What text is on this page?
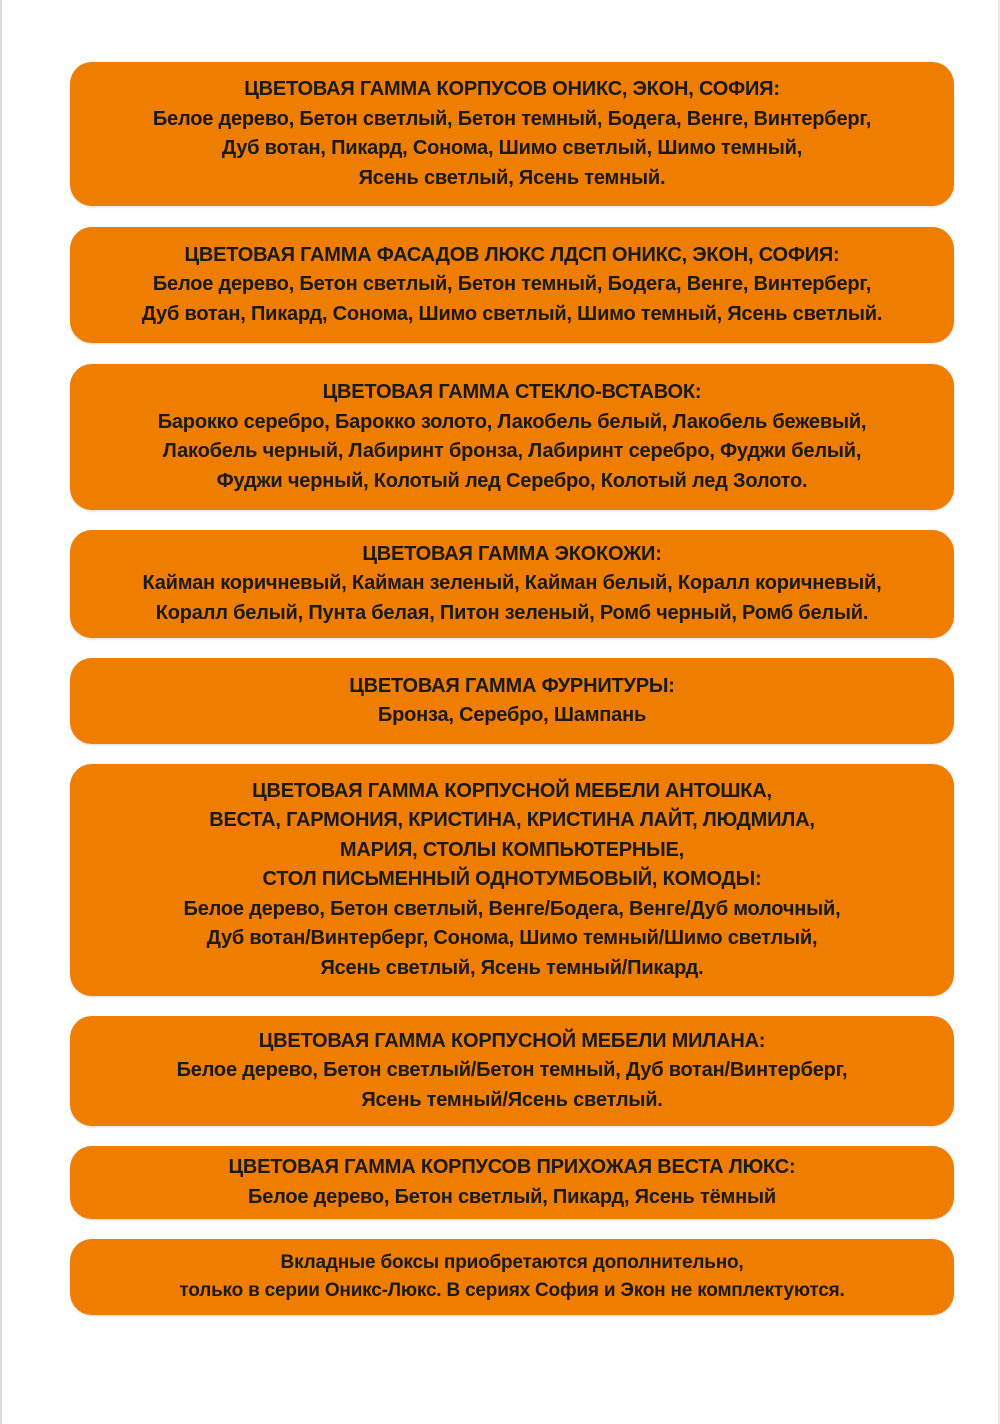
ЦВЕТОВАЯ ГАММА КОРПУСОВ ОНИКС, ЭКОН, СОФИЯ:
Белое дерево, Бетон светлый, Бетон темный, Бодега, Венге, Винтерберг,
Дуб вотан, Пикард, Сонома, Шимо светлый, Шимо темный,
Ясень светлый, Ясень темный.
ЦВЕТОВАЯ ГАММА ФАСАДОВ ЛЮКС ЛДСП ОНИКС, ЭКОН, СОФИЯ:
Белое дерево, Бетон светлый, Бетон темный, Бодега, Венге, Винтерберг,
Дуб вотан, Пикард, Сонома, Шимо светлый, Шимо темный, Ясень светлый.
ЦВЕТОВАЯ ГАММА СТЕКЛО-ВСТАВОК:
Барокко серебро, Барокко золото, Лакобель белый, Лакобель бежевый,
Лакобель черный, Лабиринт бронза, Лабиринт серебро, Фуджи белый,
Фуджи черный, Колотый лед Серебро, Колотый лед Золото.
ЦВЕТОВАЯ ГАММА ЭКОКОЖИ:
Кайман коричневый, Кайман зеленый, Кайман белый, Коралл коричневый,
Коралл белый, Пунта белая, Питон зеленый, Ромб черный, Ромб белый.
ЦВЕТОВАЯ ГАММА ФУРНИТУРЫ:
Бронза, Серебро, Шампань
ЦВЕТОВАЯ ГАММА КОРПУСНОЙ МЕБЕЛИ АНТОШКА,
ВЕСТА, ГАРМОНИЯ, КРИСТИНА, КРИСТИНА ЛАЙТ, ЛЮДМИЛА,
МАРИЯ, СТОЛЫ КОМПЬЮТЕРНЫЕ,
СТОЛ ПИСЬМЕННЫЙ ОДНОТУМБОВЫЙ, КОМОДЫ:
Белое дерево, Бетон светлый, Венге/Бодега, Венге/Дуб молочный,
Дуб вотан/Винтерберг, Сонома, Шимо темный/Шимо светлый,
Ясень светлый, Ясень темный/Пикард.
ЦВЕТОВАЯ ГАММА КОРПУСНОЙ МЕБЕЛИ МИЛАНА:
Белое дерево, Бетон светлый/Бетон темный, Дуб вотан/Винтерберг,
Ясень темный/Ясень светлый.
ЦВЕТОВАЯ ГАММА КОРПУСОВ ПРИХОЖАЯ ВЕСТА ЛЮКС:
Белое дерево, Бетон светлый, Пикард, Ясень тёмный
Вкладные боксы приобретаются дополнительно,
только в серии Оникс-Люкс. В сериях София и Экон не комплектуются.
